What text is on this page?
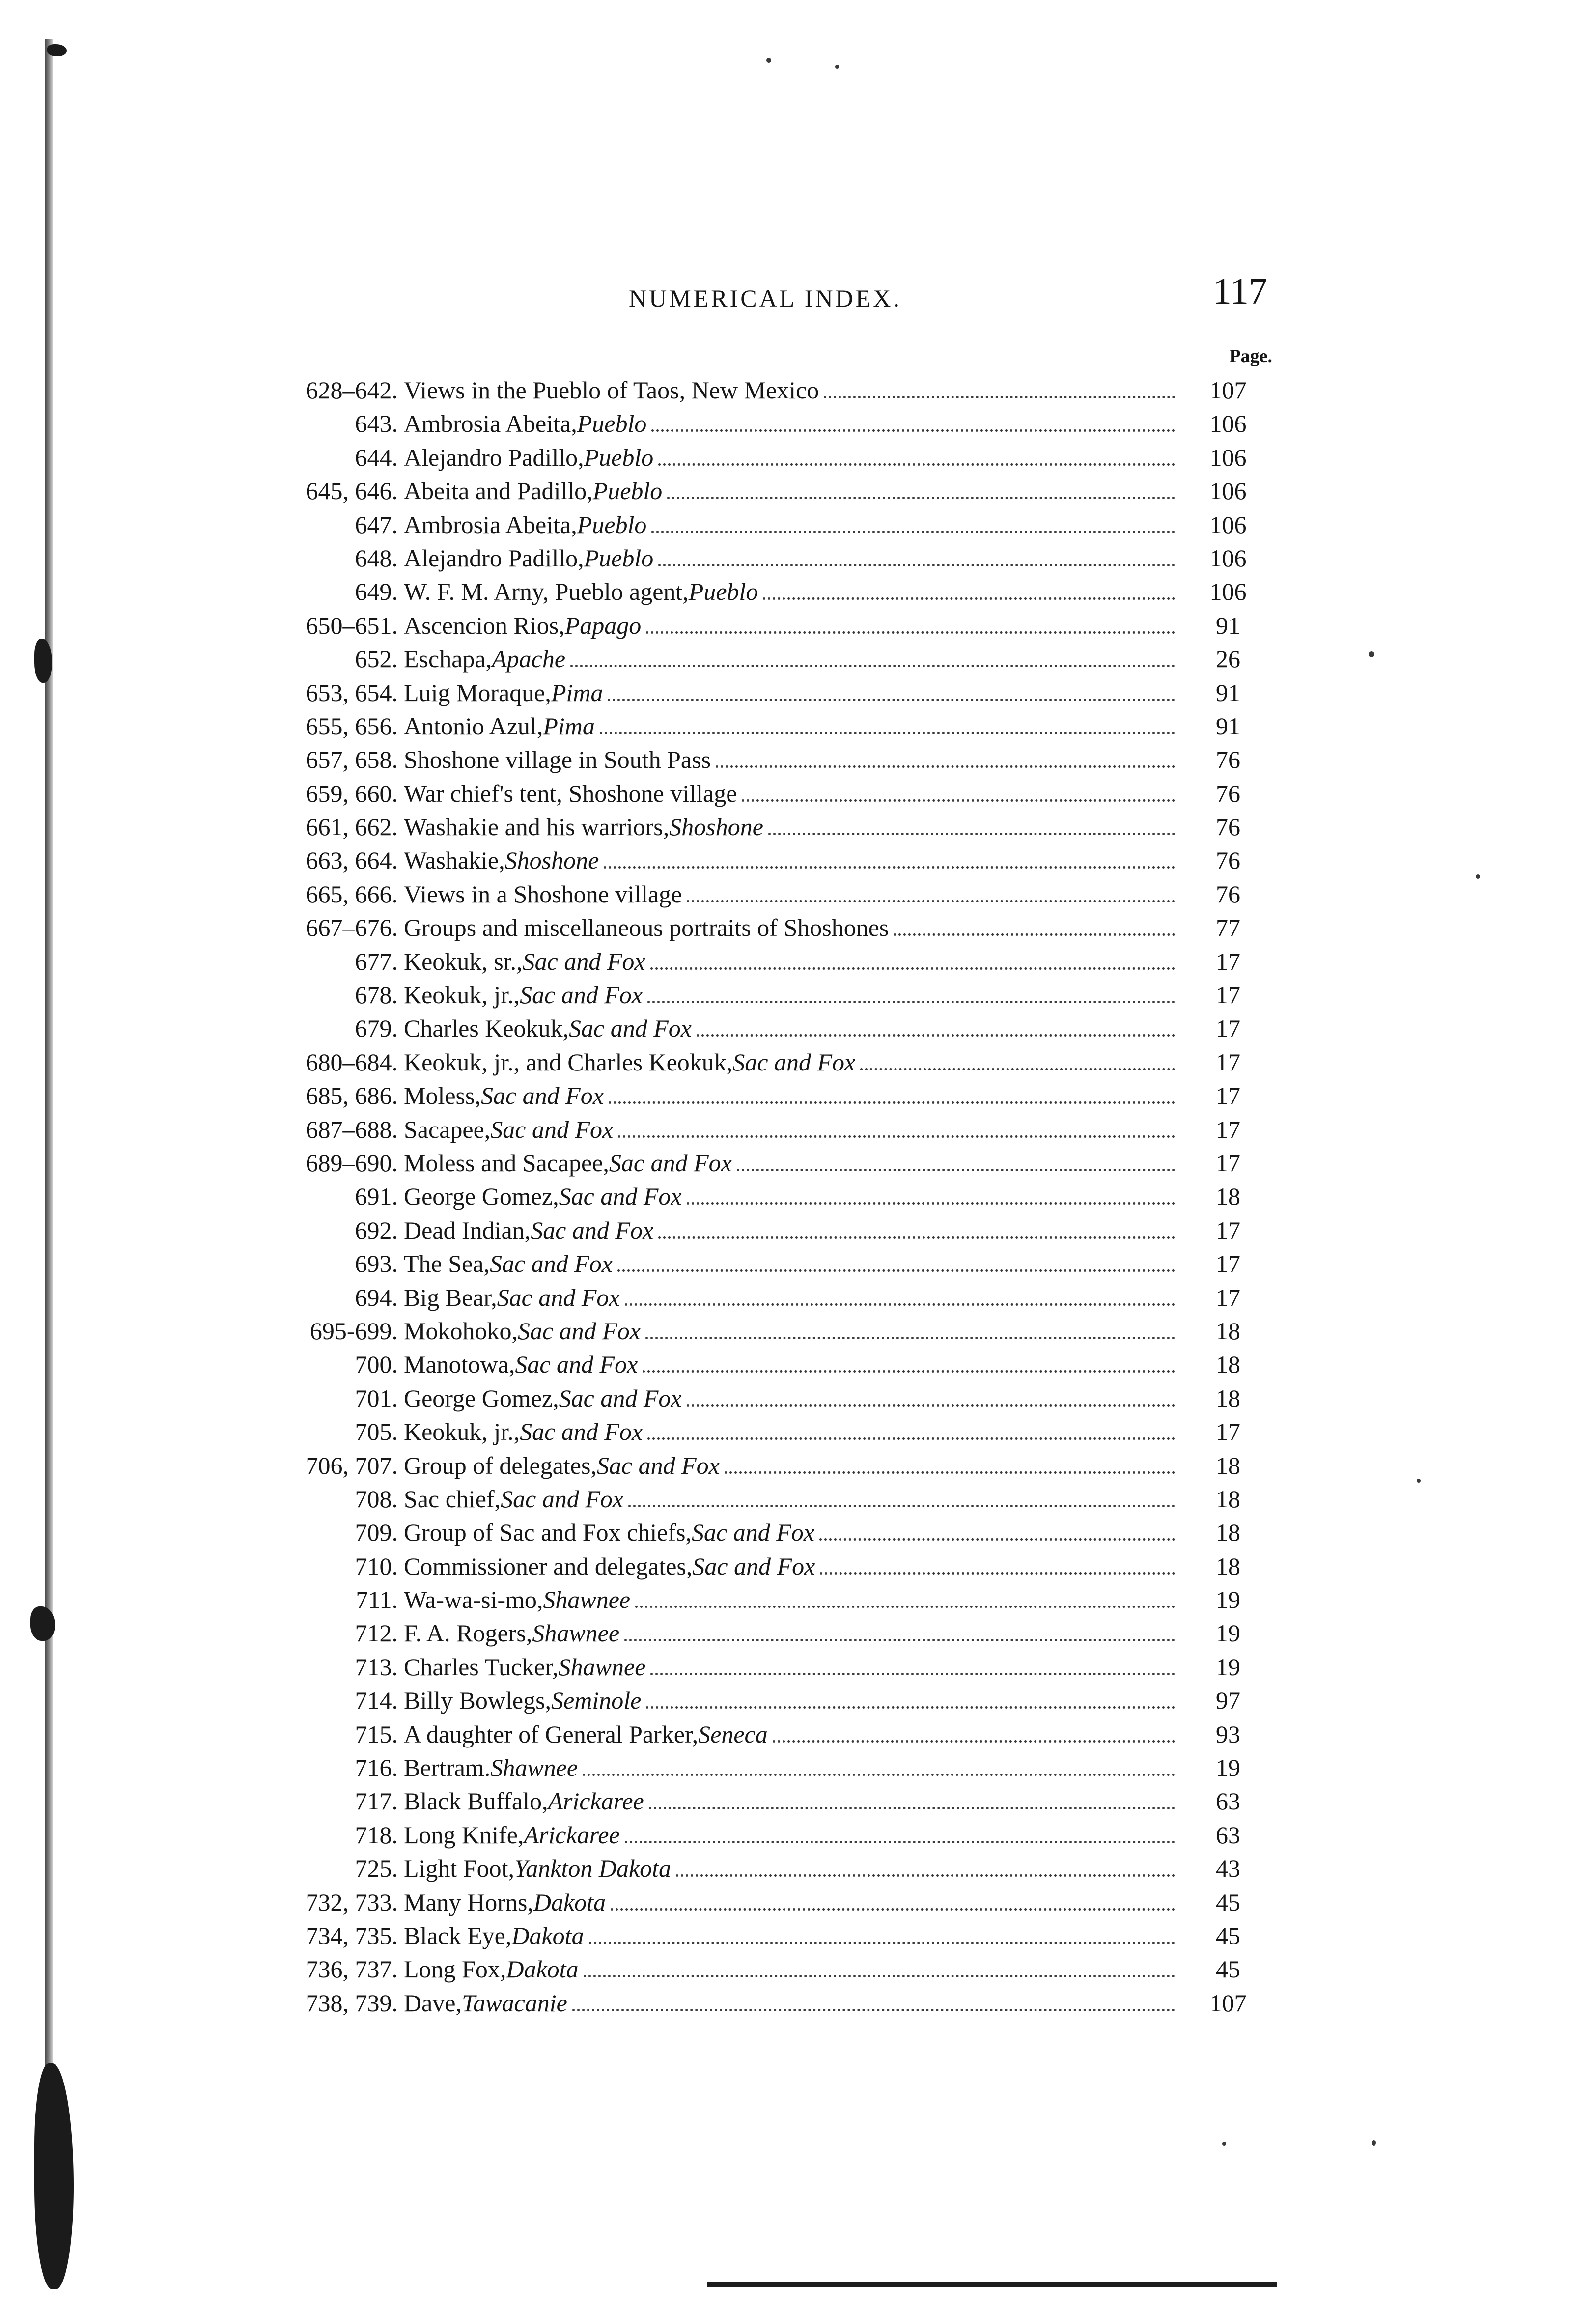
NUMERICAL INDEX.	117
Page.
628–642. Views in the Pueblo of Taos, New Mexico	107
643. Ambrosia Abeita, Pueblo	106
644. Alejandro Padillo, Pueblo	106
645, 646. Abeita and Padillo, Pueblo	106
647. Ambrosia Abeita, Pueblo	106
648. Alejandro Padillo, Pueblo	106
649. W. F. M. Arny, Pueblo agent, Pueblo	106
650–651. Ascencion Rios, Papago	91
652. Eschapa, Apache	26
653, 654. Luig Moraque, Pima	91
655, 656. Antonio Azul, Pima	91
657, 658. Shoshone village in South Pass	76
659, 660. War chief's tent, Shoshone village	76
661, 662. Washakie and his warriors, Shoshone	76
663, 664. Washakie, Shoshone	76
665, 666. Views in a Shoshone village	76
667–676. Groups and miscellaneous portraits of Shoshones	77
677. Keokuk, sr., Sac and Fox	17
678. Keokuk, jr., Sac and Fox	17
679. Charles Keokuk, Sac and Fox	17
680–684. Keokuk, jr., and Charles Keokuk, Sac and Fox	17
685, 686. Moless, Sac and Fox	17
687–688. Sacapee, Sac and Fox	17
689–690. Moless and Sacapee, Sac and Fox	17
691. George Gomez, Sac and Fox	18
692. Dead Indian, Sac and Fox	17
693. The Sea, Sac and Fox	17
694. Big Bear, Sac and Fox	17
695-699. Mokohoko, Sac and Fox	18
700. Manotowa, Sac and Fox	18
701. George Gomez, Sac and Fox	18
705. Keokuk, jr., Sac and Fox	17
706, 707. Group of delegates, Sac and Fox	18
708. Sac chief, Sac and Fox	18
709. Group of Sac and Fox chiefs, Sac and Fox	18
710. Commissioner and delegates, Sac and Fox	18
711. Wa-wa-si-mo, Shawnee	19
712. F. A. Rogers, Shawnee	19
713. Charles Tucker, Shawnee	19
714. Billy Bowlegs, Seminole	97
715. A daughter of General Parker, Seneca	93
716. Bertram. Shawnee	19
717. Black Buffalo, Arickaree	63
718. Long Knife, Arickaree	63
725. Light Foot, Yankton Dakota	43
732, 733. Many Horns, Dakota	45
734, 735. Black Eye, Dakota	45
736, 737. Long Fox, Dakota	45
738, 739. Dave, Tawacanie	107
